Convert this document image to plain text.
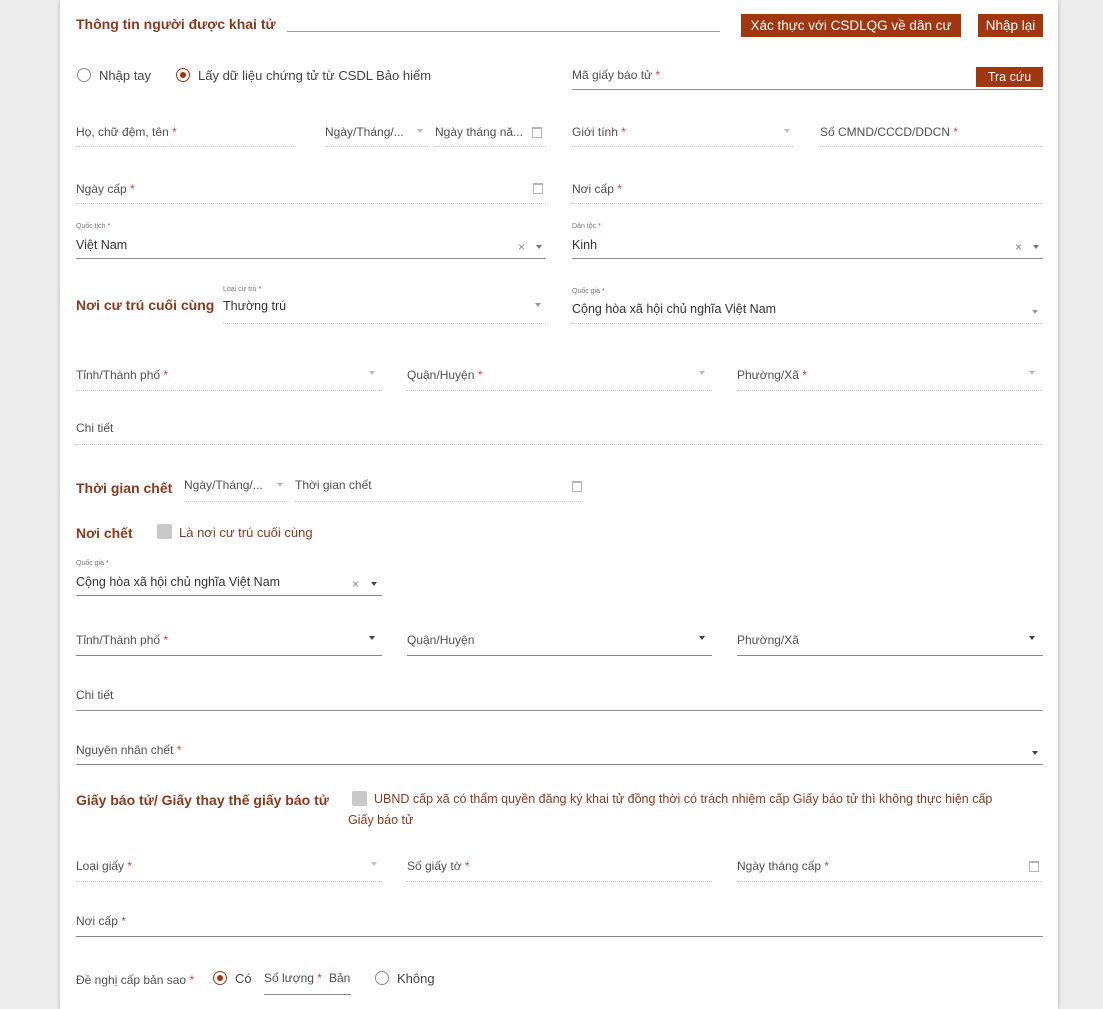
Thông tin người được khai tử	Xác thực với CSDLQG về dân cư	Nhập lại
Nhập tay	Lấy dữ liệu chứng tử từ CSDL Bảo hiểm	Mã giấy báo tử *	Tra cứu
Họ, chữ đệm, tên *	Ngày/Tháng/...	Ngày tháng nă...	Giới tính *	Số CMND/CCCD/DDCN *
Ngày cấp *	Nơi cấp *
Quốc tịch *
Việt Nam	×
Dân tộc *
Kinh	×
Nơi cư trú cuối cùng
Loại cư trú *
Thường trú
Quốc gia *
Cộng hòa xã hội chủ nghĩa Việt Nam
Tỉnh/Thành phố *	Quận/Huyện *	Phường/Xã *
Chi tiết
Thời gian chết Ngày/Tháng/...	Thời gian chết
Nơi chết	Là nơi cư trú cuối cùng
Quốc gia *
Cộng hòa xã hội chủ nghĩa Việt Nam	×
Tỉnh/Thành phố *	Quận/Huyện	Phường/Xã
Chi tiết
Nguyên nhân chết *
Giấy báo tử/ Giấy thay thế giấy báo tử	UBND cấp xã có thẩm quyền đăng ký khai tử đồng thời có trách nhiệm cấp Giấy báo tử thì không thực hiện cấp
Giấy báo tử
Loại giấy *	Số giấy tờ *	Ngày tháng cấp *
Nơi cấp *
Đề nghị cấp bản sao *	Có Số lượng * Bản	Không
